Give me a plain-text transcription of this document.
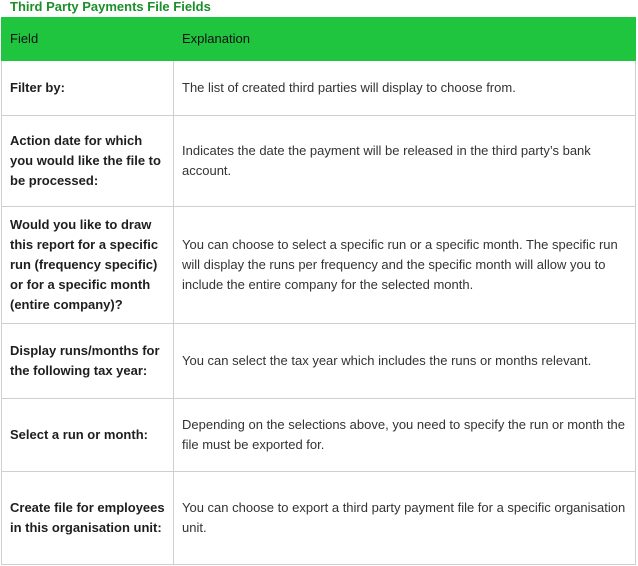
Third Party Payments File Fields
Field	Explanation
Filter by:	The list of created third parties will display to choose from.
Action date for which you would like the file to be processed:	Indicates the date the payment will be released in the third party’s bank account.
Would you like to draw this report for a specific run (frequency specific) or for a specific month (entire company)?	You can choose to select a specific run or a specific month. The specific run will display the runs per frequency and the specific month will allow you to include the entire company for the selected month.
Display runs/months for the following tax year:	You can select the tax year which includes the runs or months relevant.
Select a run or month:	Depending on the selections above, you need to specify the run or month the file must be exported for.
Create file for employees in this organisation unit:	You can choose to export a third party payment file for a specific organisation unit.
